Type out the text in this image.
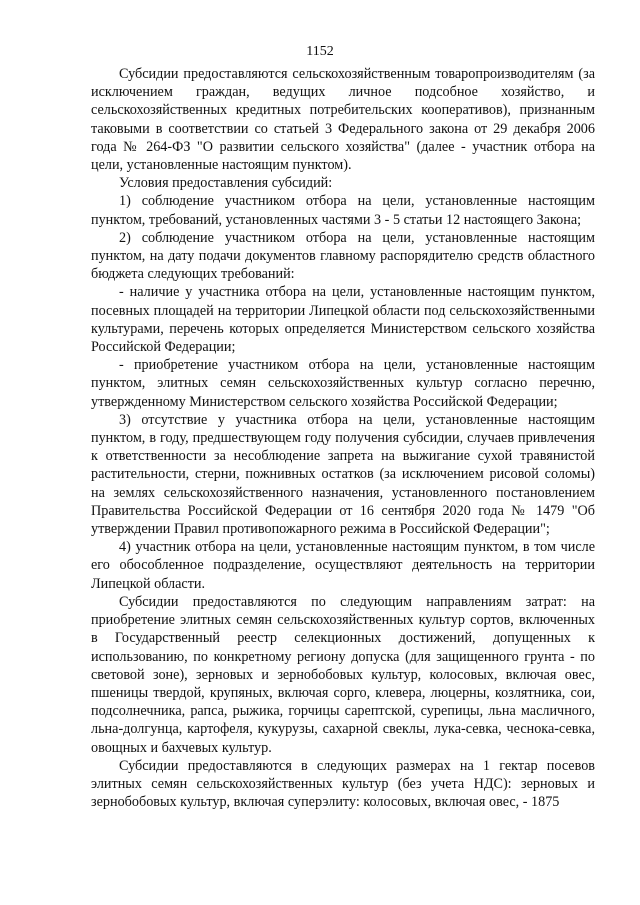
1152

Субсидии предоставляются сельскохозяйственным товаропроизводителям (за исключением граждан, ведущих личное подсобное хозяйство, и сельскохозяйственных кредитных потребительских кооперативов), признанным таковыми в соответствии со статьей 3 Федерального закона от 29 декабря 2006 года № 264-ФЗ "О развитии сельского хозяйства" (далее - участник отбора на цели, установленные настоящим пунктом).

Условия предоставления субсидий:

1) соблюдение участником отбора на цели, установленные настоящим пунктом, требований, установленных частями 3 - 5 статьи 12 настоящего Закона;

2) соблюдение участником отбора на цели, установленные настоящим пунктом, на дату подачи документов главному распорядителю средств областного бюджета следующих требований:

- наличие у участника отбора на цели, установленные настоящим пунктом, посевных площадей на территории Липецкой области под сельскохозяйственными культурами, перечень которых определяется Министерством сельского хозяйства Российской Федерации;

- приобретение участником отбора на цели, установленные настоящим пунктом, элитных семян сельскохозяйственных культур согласно перечню, утвержденному Министерством сельского хозяйства Российской Федерации;

3) отсутствие у участника отбора на цели, установленные настоящим пунктом, в году, предшествующем году получения субсидии, случаев привлечения к ответственности за несоблюдение запрета на выжигание сухой травянистой растительности, стерни, пожнивных остатков (за исключением рисовой соломы) на землях сельскохозяйственного назначения, установленного постановлением Правительства Российской Федерации от 16 сентября 2020 года № 1479 "Об утверждении Правил противопожарного режима в Российской Федерации";

4) участник отбора на цели, установленные настоящим пунктом, в том числе его обособленное подразделение, осуществляют деятельность на территории Липецкой области.

Субсидии предоставляются по следующим направлениям затрат: на приобретение элитных семян сельскохозяйственных культур сортов, включенных в Государственный реестр селекционных достижений, допущенных к использованию, по конкретному региону допуска (для защищенного грунта - по световой зоне), зерновых и зернобобовых культур, колосовых, включая овес, пшеницы твердой, крупяных, включая сорго, клевера, люцерны, козлятника, сои, подсолнечника, рапса, рыжика, горчицы сарептской, сурепицы, льна масличного, льна-долгунца, картофеля, кукурузы, сахарной свеклы, лука-севка, чеснока-севка, овощных и бахчевых культур.

Субсидии предоставляются в следующих размерах на 1 гектар посевов элитных семян сельскохозяйственных культур (без учета НДС): зерновых и зернобобовых культур, включая суперэлиту: колосовых, включая овес, - 1875
